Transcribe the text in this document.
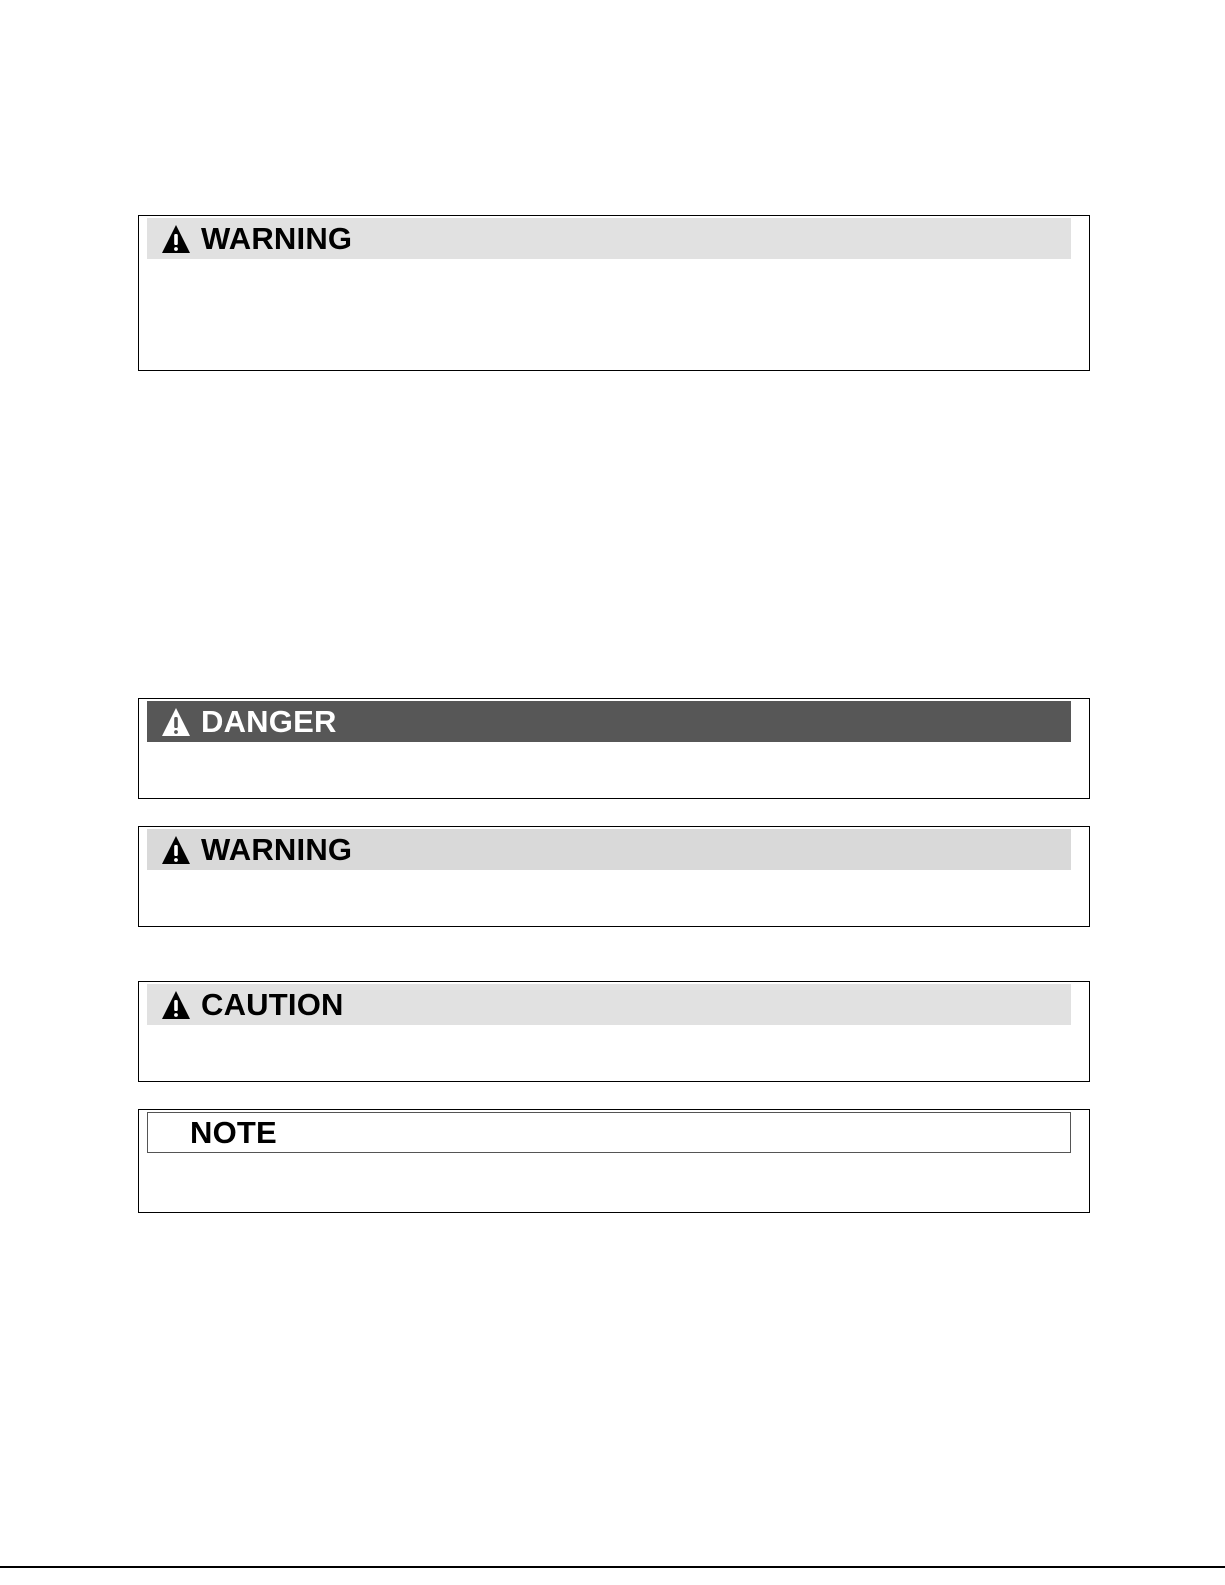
WARNING
DANGER
WARNING
CAUTION
NOTE
